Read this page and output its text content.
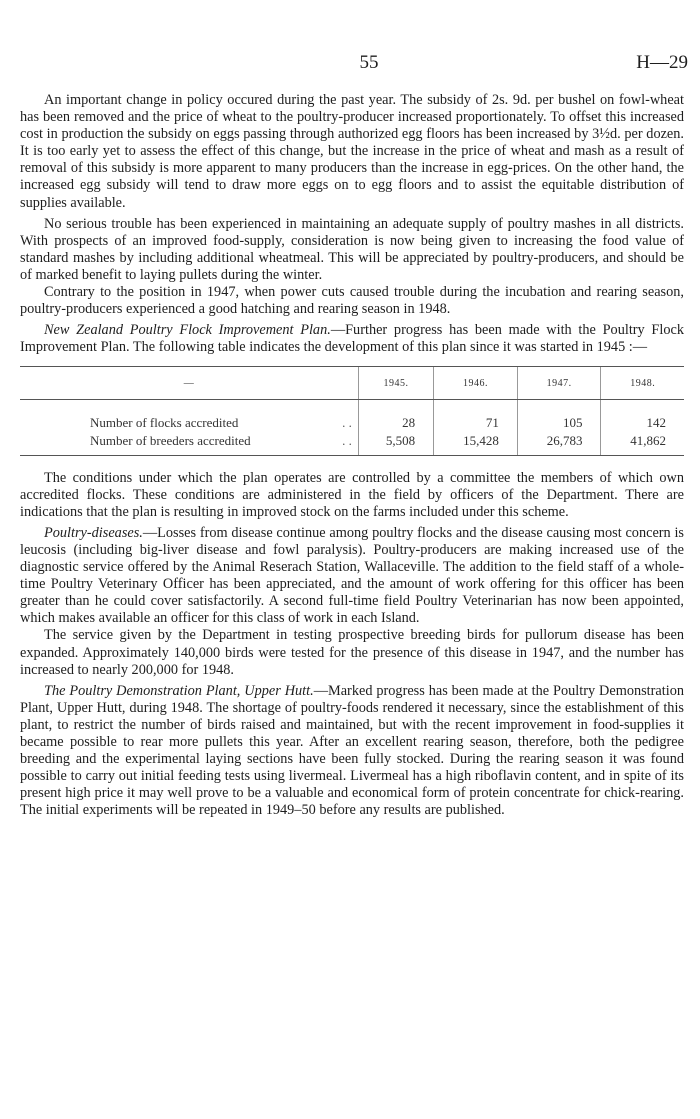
55	H—29

An important change in policy occured during the past year. The subsidy of 2s. 9d. per bushel on fowl-wheat has been removed and the price of wheat to the poultry-producer increased proportionately. To offset this increased cost in production the subsidy on eggs passing through authorized egg floors has been increased by 3½d. per dozen. It is too early yet to assess the effect of this change, but the increase in the price of wheat and mash as a result of removal of this subsidy is more apparent to many producers than the increase in egg-prices. On the other hand, the increased egg subsidy will tend to draw more eggs on to egg floors and to assist the equitable distribution of supplies available.

No serious trouble has been experienced in maintaining an adequate supply of poultry mashes in all districts. With prospects of an improved food-supply, consideration is now being given to increasing the food value of standard mashes by including additional wheatmeal. This will be appreciated by poultry-producers, and should be of marked benefit to laying pullets during the winter.

Contrary to the position in 1947, when power cuts caused trouble during the incubation and rearing season, poultry-producers experienced a good hatching and rearing season in 1948.

New Zealand Poultry Flock Improvement Plan.—Further progress has been made with the Poultry Flock Improvement Plan. The following table indicates the development of this plan since it was started in 1945 :—

—		1945.	1946.	1947.	1948.

Number of flocks accredited	. .	28	71	105	142
Number of breeders accredited	. .	5,508	15,428	26,783	41,862

The conditions under which the plan operates are controlled by a committee the members of which own accredited flocks. These conditions are administered in the field by officers of the Department. There are indications that the plan is resulting in improved stock on the farms included under this scheme.

Poultry-diseases.—Losses from disease continue among poultry flocks and the disease causing most concern is leucosis (including big-liver disease and fowl paralysis). Poultry-producers are making increased use of the diagnostic service offered by the Animal Reserach Station, Wallaceville. The addition to the field staff of a whole-time Poultry Veterinary Officer has been appreciated, and the amount of work offering for this officer has been greater than he could cover satisfactorily. A second full-time field Poultry Veterinarian has now been appointed, which makes available an officer for this class of work in each Island.

The service given by the Department in testing prospective breeding birds for pullorum disease has been expanded. Approximately 140,000 birds were tested for the presence of this disease in 1947, and the number has increased to nearly 200,000 for 1948.

The Poultry Demonstration Plant, Upper Hutt.—Marked progress has been made at the Poultry Demonstration Plant, Upper Hutt, during 1948. The shortage of poultry-foods rendered it necessary, since the establishment of this plant, to restrict the number of birds raised and maintained, but with the recent improvement in food-supplies it became possible to rear more pullets this year. After an excellent rearing season, therefore, both the pedigree breeding and the experimental laying sections have been fully stocked. During the rearing season it was found possible to carry out initial feeding tests using livermeal. Livermeal has a high riboflavin content, and in spite of its present high price it may well prove to be a valuable and economical form of protein concentrate for chick-rearing. The initial experiments will be repeated in 1949–50 before any results are published.
